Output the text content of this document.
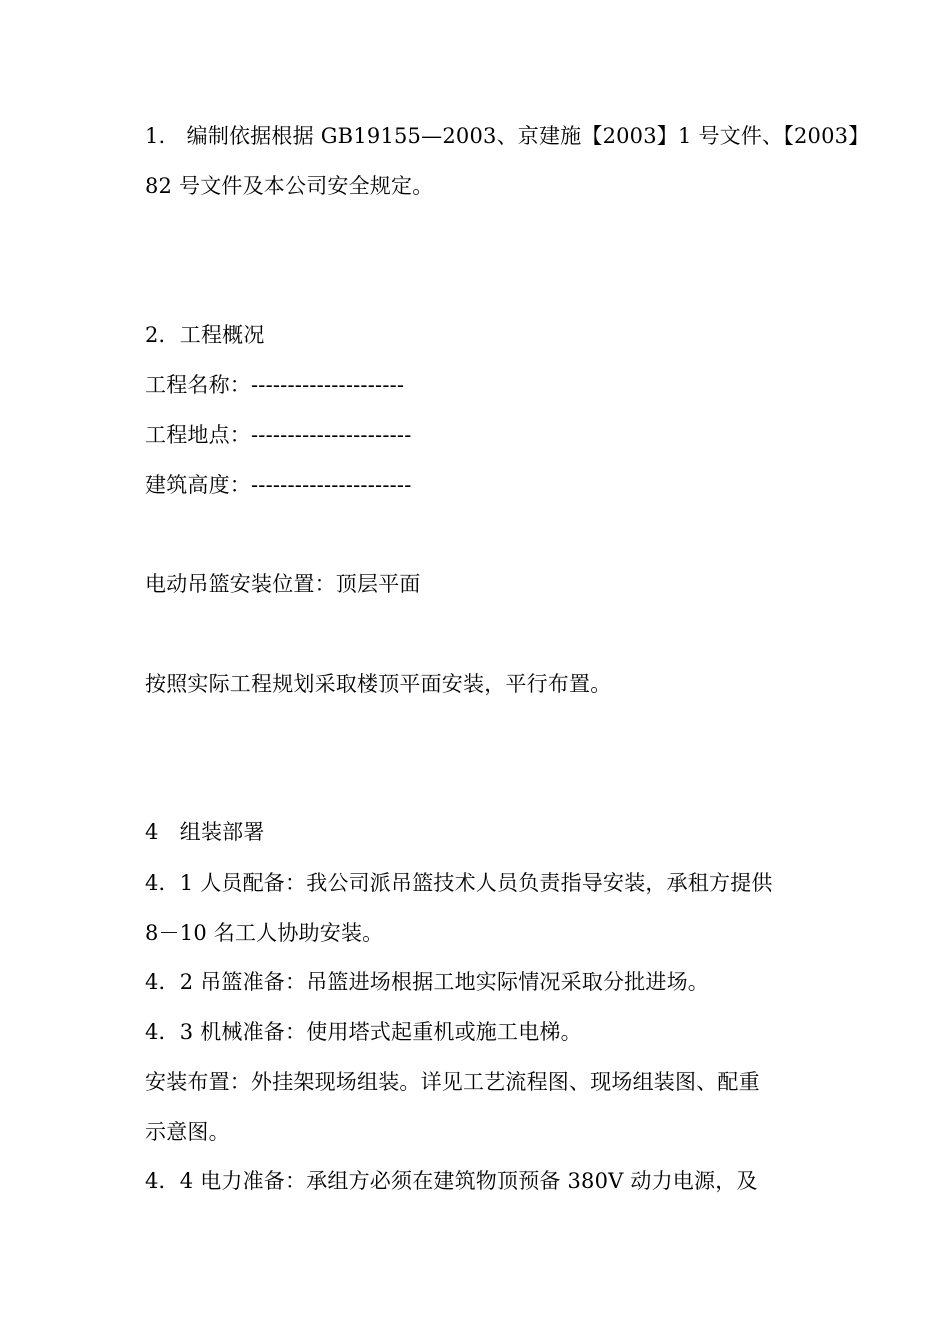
1.　编制依据根据 GB19155—2003、京建施【2003】1 号文件、【2003】
82 号文件及本公司安全规定。
2．工程概况
工程名称：---------------------
工程地点：----------------------
建筑高度：----------------------
电动吊篮安装位置：顶层平面
按照实际工程规划采取楼顶平面安装，平行布置。
4　组装部署
4．1 人员配备：我公司派吊篮技术人员负责指导安装，承租方提供
8－10 名工人协助安装。
4．2 吊篮准备：吊篮进场根据工地实际情况采取分批进场。
4．3 机械准备：使用塔式起重机或施工电梯。
安装布置：外挂架现场组装。详见工艺流程图、现场组装图、配重
示意图。
4．4 电力准备：承组方必须在建筑物顶预备 380V 动力电源，及
